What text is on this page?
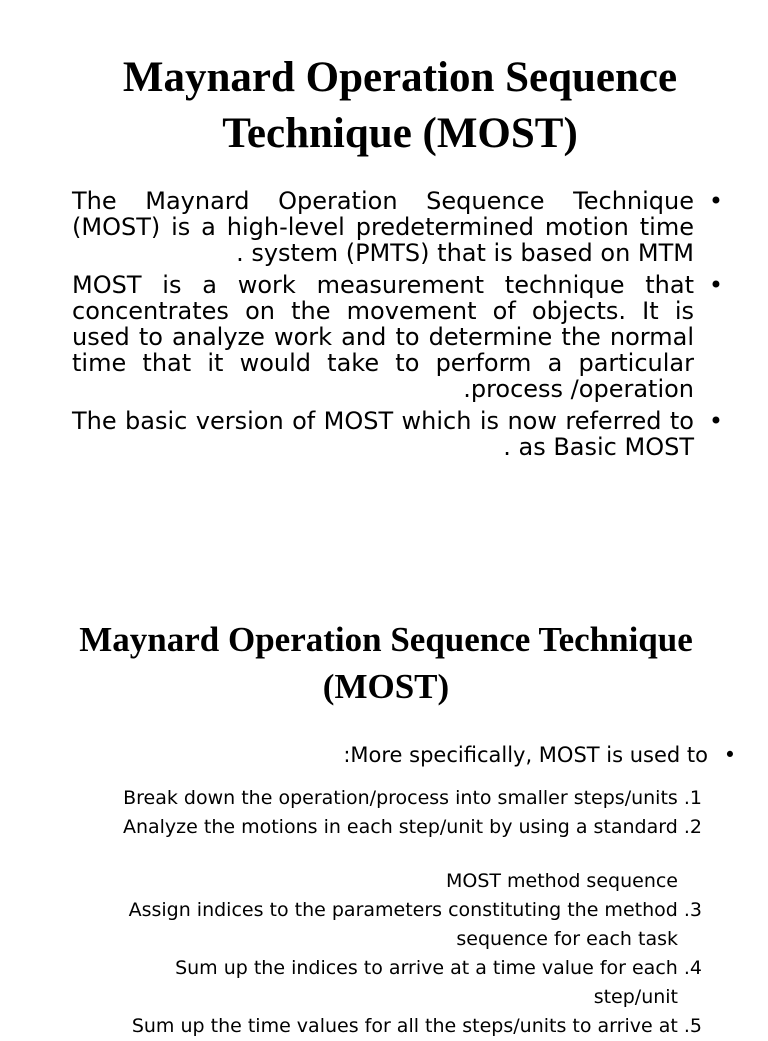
Maynard Operation Sequence
Technique (MOST)
•
The Maynard Operation Sequence Technique (MOST) is a high-level predetermined motion time system (PMTS) that is based on MTM .
•
MOST is a work measurement technique that concentrates on the movement of objects. It is used to analyze work and to determine the normal time that it would take to perform a particular process /operation.
•
The basic version of MOST which is now referred to as Basic MOST .
Maynard Operation Sequence Technique
(MOST)

•
More specifically, MOST is used to:

1. Break down the operation/process into smaller steps/units
2. Analyze the motions in each step/unit by using a standard
MOST method sequence
3. Assign indices to the parameters constituting the method
sequence for each task
4. Sum up the indices to arrive at a time value for each
step/unit
5. Sum up the time values for all the steps/units to arrive at
